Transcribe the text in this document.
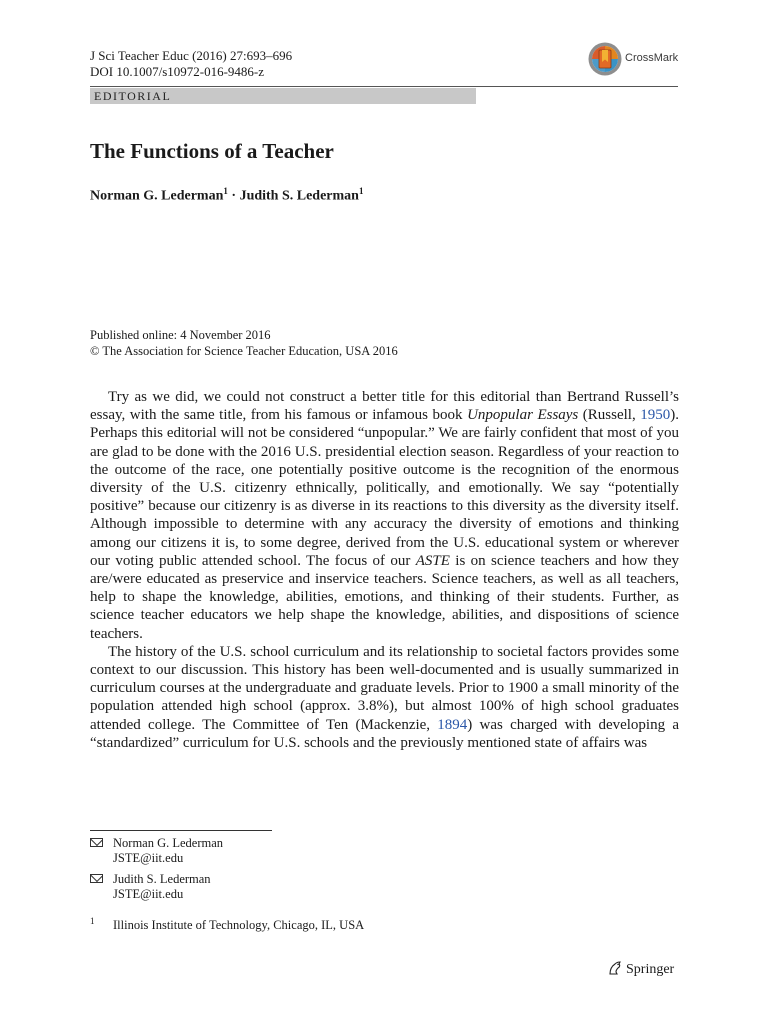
J Sci Teacher Educ (2016) 27:693–696
DOI 10.1007/s10972-016-9486-z
CrossMark
EDITORIAL
The Functions of a Teacher
Norman G. Lederman$^1$ · Judith S. Lederman$^1$
Published online: 4 November 2016
© The Association for Science Teacher Education, USA 2016

Try as we did, we could not construct a better title for this editorial than Bertrand Russell’s essay, with the same title, from his famous or infamous book Unpopular Essays (Russell, 1950). Perhaps this editorial will not be considered “unpopular.” We are fairly confident that most of you are glad to be done with the 2016 U.S. presidential election season. Regardless of your reaction to the outcome of the race, one potentially positive outcome is the recognition of the enormous diversity of the U.S. citizenry ethnically, politically, and emotionally. We say “potentially positive” because our citizenry is as diverse in its reactions to this diversity as the diversity itself. Although impossible to determine with any accuracy the diversity of emotions and thinking among our citizens it is, to some degree, derived from the U.S. educational system or wherever our voting public attended school. The focus of our ASTE is on science teachers and how they are/were educated as preservice and inservice teachers. Science teachers, as well as all teachers, help to shape the knowledge, abilities, emotions, and thinking of their students. Further, as science teacher educators we help shape the knowledge, abilities, and dispositions of science teachers.

The history of the U.S. school curriculum and its relationship to societal factors provides some context to our discussion. This history has been well-documented and is usually summarized in curriculum courses at the undergraduate and graduate levels. Prior to 1900 a small minority of the population attended high school (approx. 3.8%), but almost 100% of high school graduates attended college. The Committee of Ten (Mackenzie, 1894) was charged with developing a “standardized” curriculum for U.S. schools and the previously mentioned state of affairs was

Norman G. Lederman
JSTE@iit.edu
Judith S. Lederman
JSTE@iit.edu
1 Illinois Institute of Technology, Chicago, IL, USA
Springer
